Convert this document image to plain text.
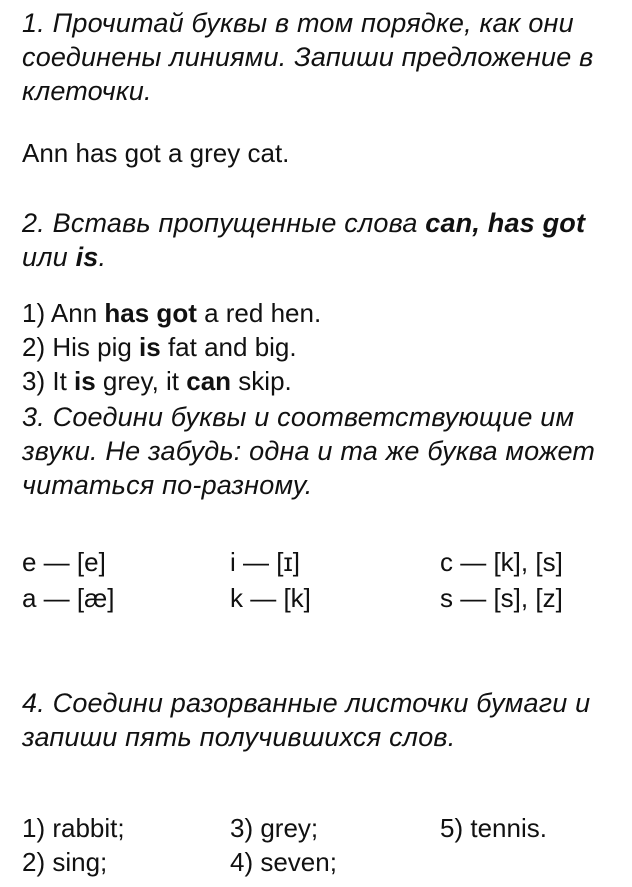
1. Прочитай буквы в том порядке, как они соединены линиями. Запиши предложение в клеточки.
Ann has got a grey cat.
2. Вставь пропущенные слова can, has got или is.
1) Ann has got a red hen.
2) His pig is fat and big.
3) It is grey, it can skip.
3. Соедини буквы и соответствующие им звуки. Не забудь: одна и та же буква может читаться по-разному.
e — [e]	i — [ɪ]	c — [k], [s]
a — [æ]	k — [k]	s — [s], [z]
4. Соедини разорванные листочки бумаги и запиши пять получившихся слов.
1) rabbit;	3) grey;	5) tennis.
2) sing;	4) seven;
